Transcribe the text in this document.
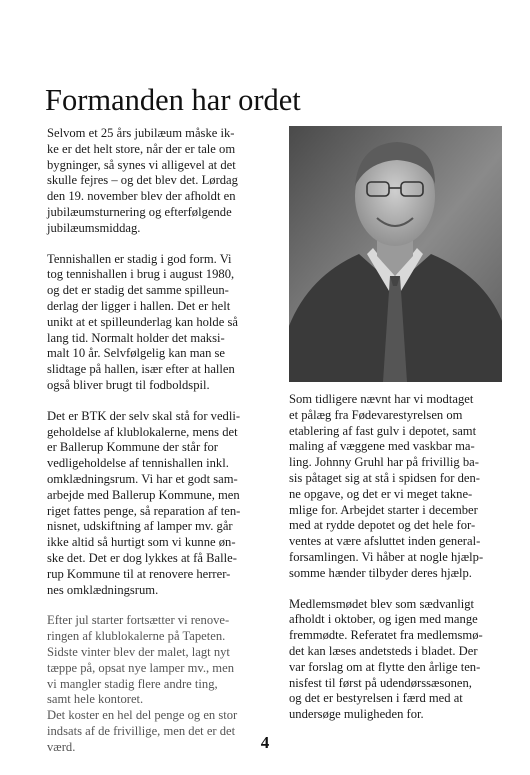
Formanden har ordet

Selvom et 25 års jubilæum måske ik-
ke er det helt store, når der er tale om
bygninger, så synes vi alligevel at det
skulle fejres – og det blev det. Lørdag
den 19. november blev der afholdt en
jubilæumsturnering og efterfølgende
jubilæumsmiddag.

Tennishallen er stadig i god form. Vi
tog tennishallen i brug i august 1980,
og det er stadig det samme spilleun-
derlag der ligger i hallen. Det er helt
unikt at et spilleunderlag kan holde så
lang tid. Normalt holder det maksi-
malt 10 år. Selvfølgelig kan man se
slidtage på hallen, især efter at hallen
også bliver brugt til fodboldspil.

Det er BTK der selv skal stå for vedli-
geholdelse af klublokalerne, mens det
er Ballerup Kommune der står for
vedligeholdelse af tennishallen inkl.
omklædningsrum. Vi har et godt sam-
arbejde med Ballerup Kommune, men
riget fattes penge, så reparation af ten-
nisnet, udskiftning af lamper mv. går
ikke altid så hurtigt som vi kunne øn-
ske det. Det er dog lykkes at få Balle-
rup Kommune til at renovere herrer-
nes omklædningsrum.

Efter jul starter fortsætter vi renove-
ringen af klublokalerne på Tapeten.
Sidste vinter blev der malet, lagt nyt
tæppe på, opsat nye lamper mv., men
vi mangler stadig flere andre ting,
samt hele kontoret.
Det koster en hel del penge og en stor
indsats af de frivillige, men det er det
værd.

Som tidligere nævnt har vi modtaget
et pålæg fra Fødevarestyrelsen om
etablering af fast gulv i depotet, samt
maling af væggene med vaskbar ma-
ling. Johnny Gruhl har på frivillig ba-
sis påtaget sig at stå i spidsen for den-
ne opgave, og det er vi meget takne-
mlige for. Arbejdet starter i december
med at rydde depotet og det hele for-
ventes at være afsluttet inden general-
forsamlingen. Vi håber at nogle hjælp-
somme hænder tilbyder deres hjælp.

Medlemsmødet blev som sædvanligt
afholdt i oktober, og igen med mange
fremmødte. Referatet fra medlemsmø-
det kan læses andetsteds i bladet. Der
var forslag om at flytte den årlige ten-
nisfest til først på udendørssæsonen,
og det er bestyrelsen i færd med at
undersøge muligheden for.

4
